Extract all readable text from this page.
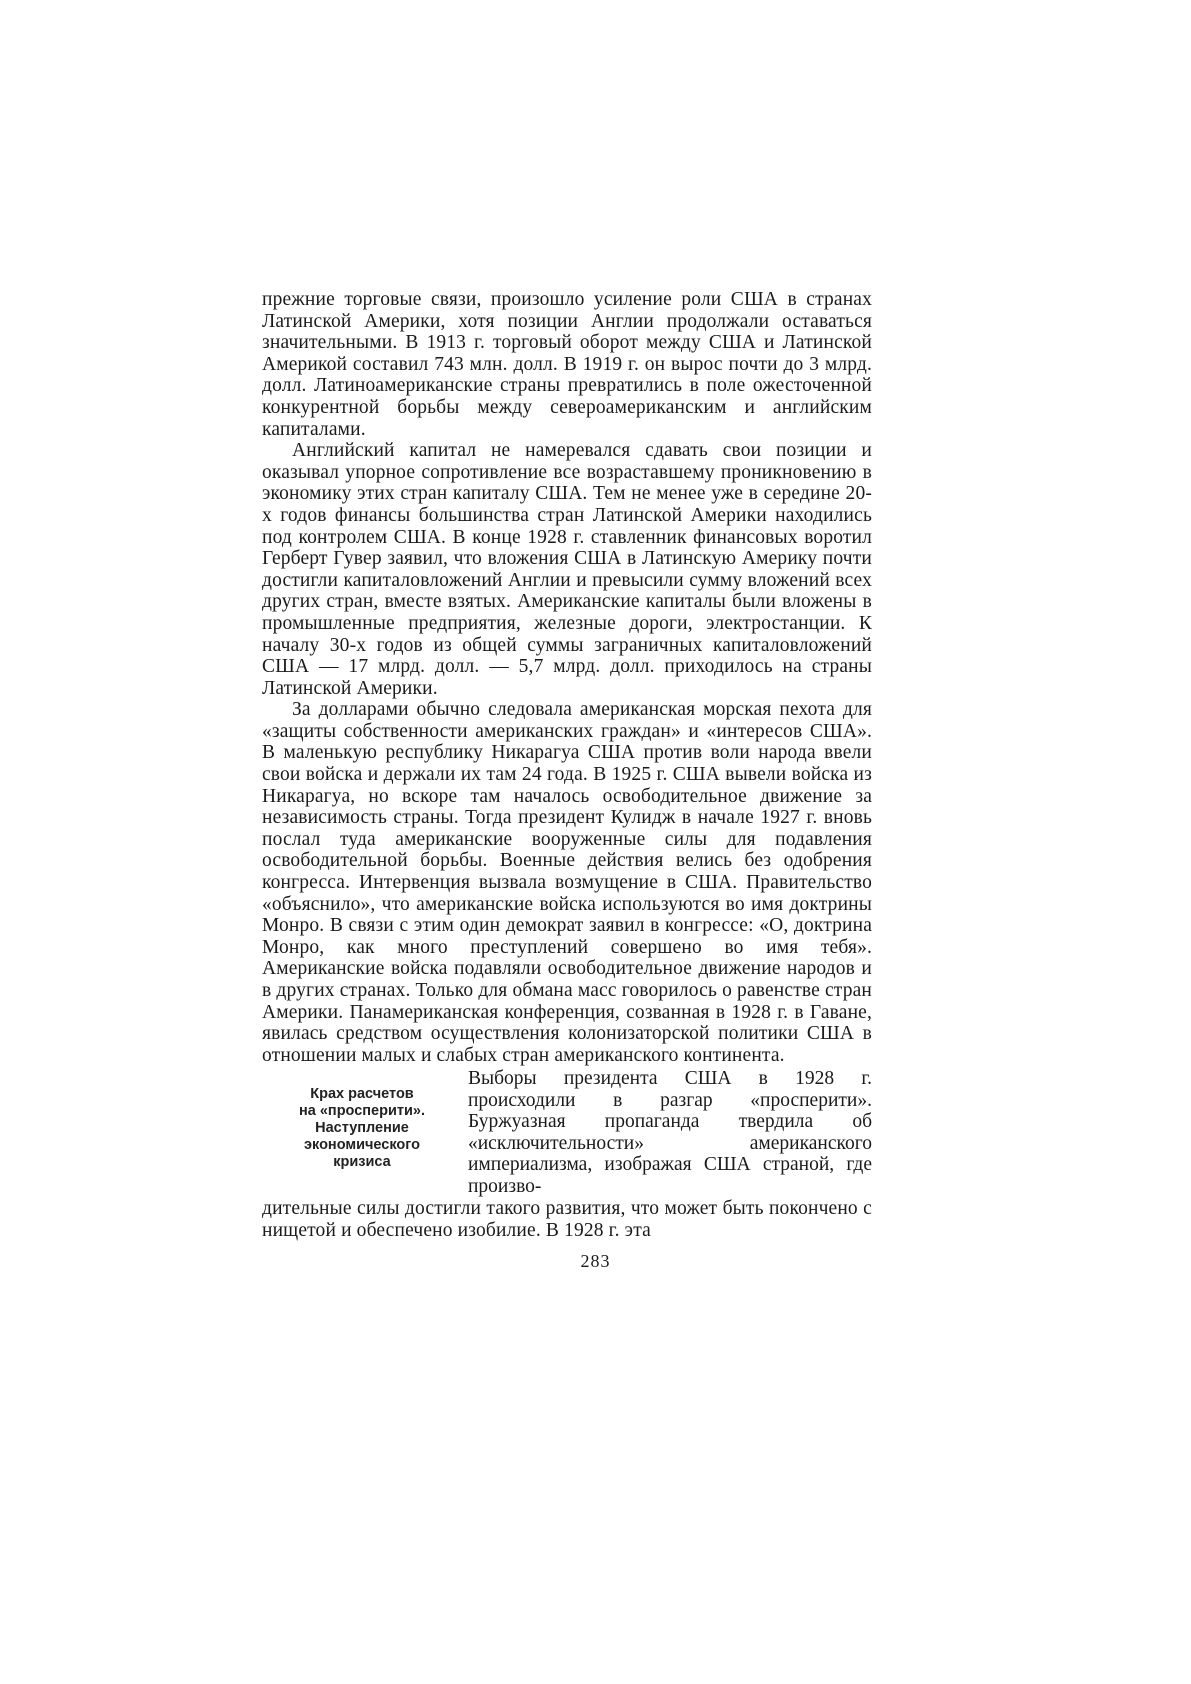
прежние торговые связи, произошло усиление роли США в странах Латинской Америки, хотя позиции Англии продолжали оставаться значительными. В 1913 г. торговый оборот между США и Латинской Америкой составил 743 млн. долл. В 1919 г. он вырос почти до 3 млрд. долл. Латиноамериканские страны превратились в поле ожесточенной конкурентной борьбы между североамериканским и английским капиталами.

Английский капитал не намеревался сдавать свои позиции и оказывал упорное сопротивление все возраставшему проникновению в экономику этих стран капиталу США. Тем не менее уже в середине 20-х годов финансы большинства стран Латинской Америки находились под контролем США. В конце 1928 г. ставленник финансовых воротил Герберт Гувер заявил, что вложения США в Латинскую Америку почти достигли капиталовложений Англии и превысили сумму вложений всех других стран, вместе взятых. Американские капиталы были вложены в промышленные предприятия, железные дороги, электростанции. К началу 30-х годов из общей суммы заграничных капиталовложений США — 17 млрд. долл. — 5,7 млрд. долл. приходилось на страны Латинской Америки.

За долларами обычно следовала американская морская пехота для «защиты собственности американских граждан» и «интересов США». В маленькую республику Никарагуа США против воли народа ввели свои войска и держали их там 24 года. В 1925 г. США вывели войска из Никарагуа, но вскоре там началось освободительное движение за независимость страны. Тогда президент Кулидж в начале 1927 г. вновь послал туда американские вооруженные силы для подавления освободительной борьбы. Военные действия велись без одобрения конгресса. Интервенция вызвала возмущение в США. Правительство «объяснило», что американские войска используются во имя доктрины Монро. В связи с этим один демократ заявил в конгрессе: «О, доктрина Монро, как много преступлений совершено во имя тебя». Американские войска подавляли освободительное движение народов и в других странах. Только для обмана масс говорилось о равенстве стран Америки. Панамериканская конференция, созванная в 1928 г. в Гаване, явилась средством осуществления колонизаторской политики США в отношении малых и слабых стран американского континента.

Крах расчетов
на «просперити».
Наступление
экономического
кризиса

Выборы президента США в 1928 г. происходили в разгар «просперити». Буржуазная пропаганда твердила об «исключительности» американского империализма, изображая США страной, где произво-

дительные силы достигли такого развития, что может быть покончено с нищетой и обеспечено изобилие. В 1928 г. эта

283
